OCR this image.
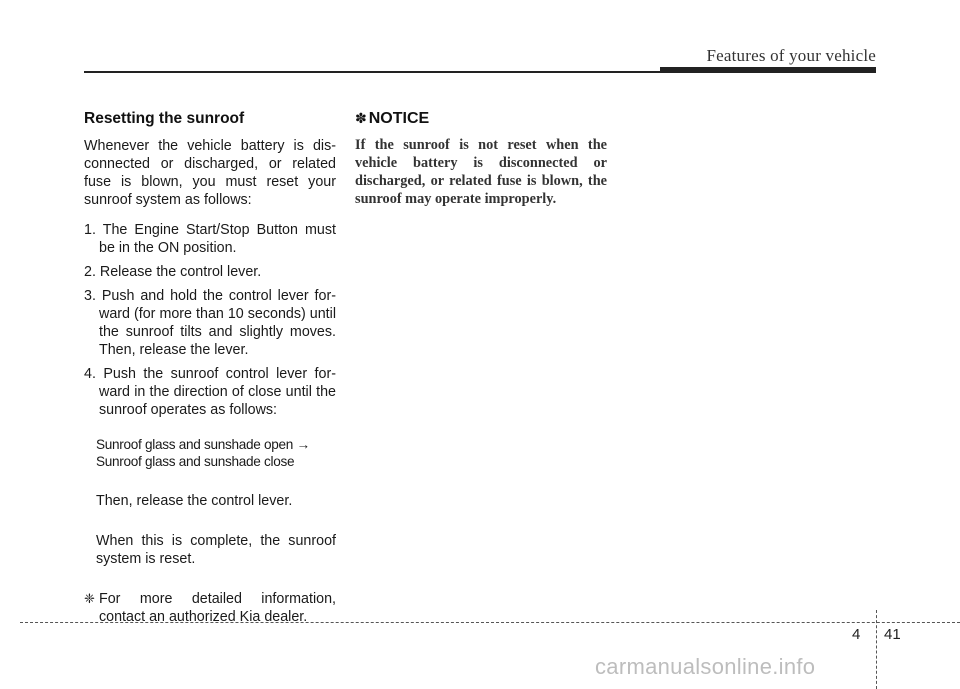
Features of your vehicle
Resetting the sunroof

Whenever the vehicle battery is dis-connected or discharged, or related fuse is blown, you must reset your sunroof system as follows:

1. The Engine Start/Stop Button must be in the ON position.
2. Release the control lever.
3. Push and hold the control lever for-ward (for more than 10 seconds) until the sunroof tilts and slightly moves. Then, release the lever.
4. Push the sunroof control lever for-ward in the direction of close until the sunroof operates as follows:
Sunroof glass and sunshade open → Sunroof glass and sunshade close
Then, release the control lever.
When this is complete, the sunroof system is reset.
❈ For more detailed information, contact an authorized Kia dealer.
✽ NOTICE

If the sunroof is not reset when the vehicle battery is disconnected or discharged, or related fuse is blown, the sunroof may operate improperly.

4 41
carmanualsonline.info
